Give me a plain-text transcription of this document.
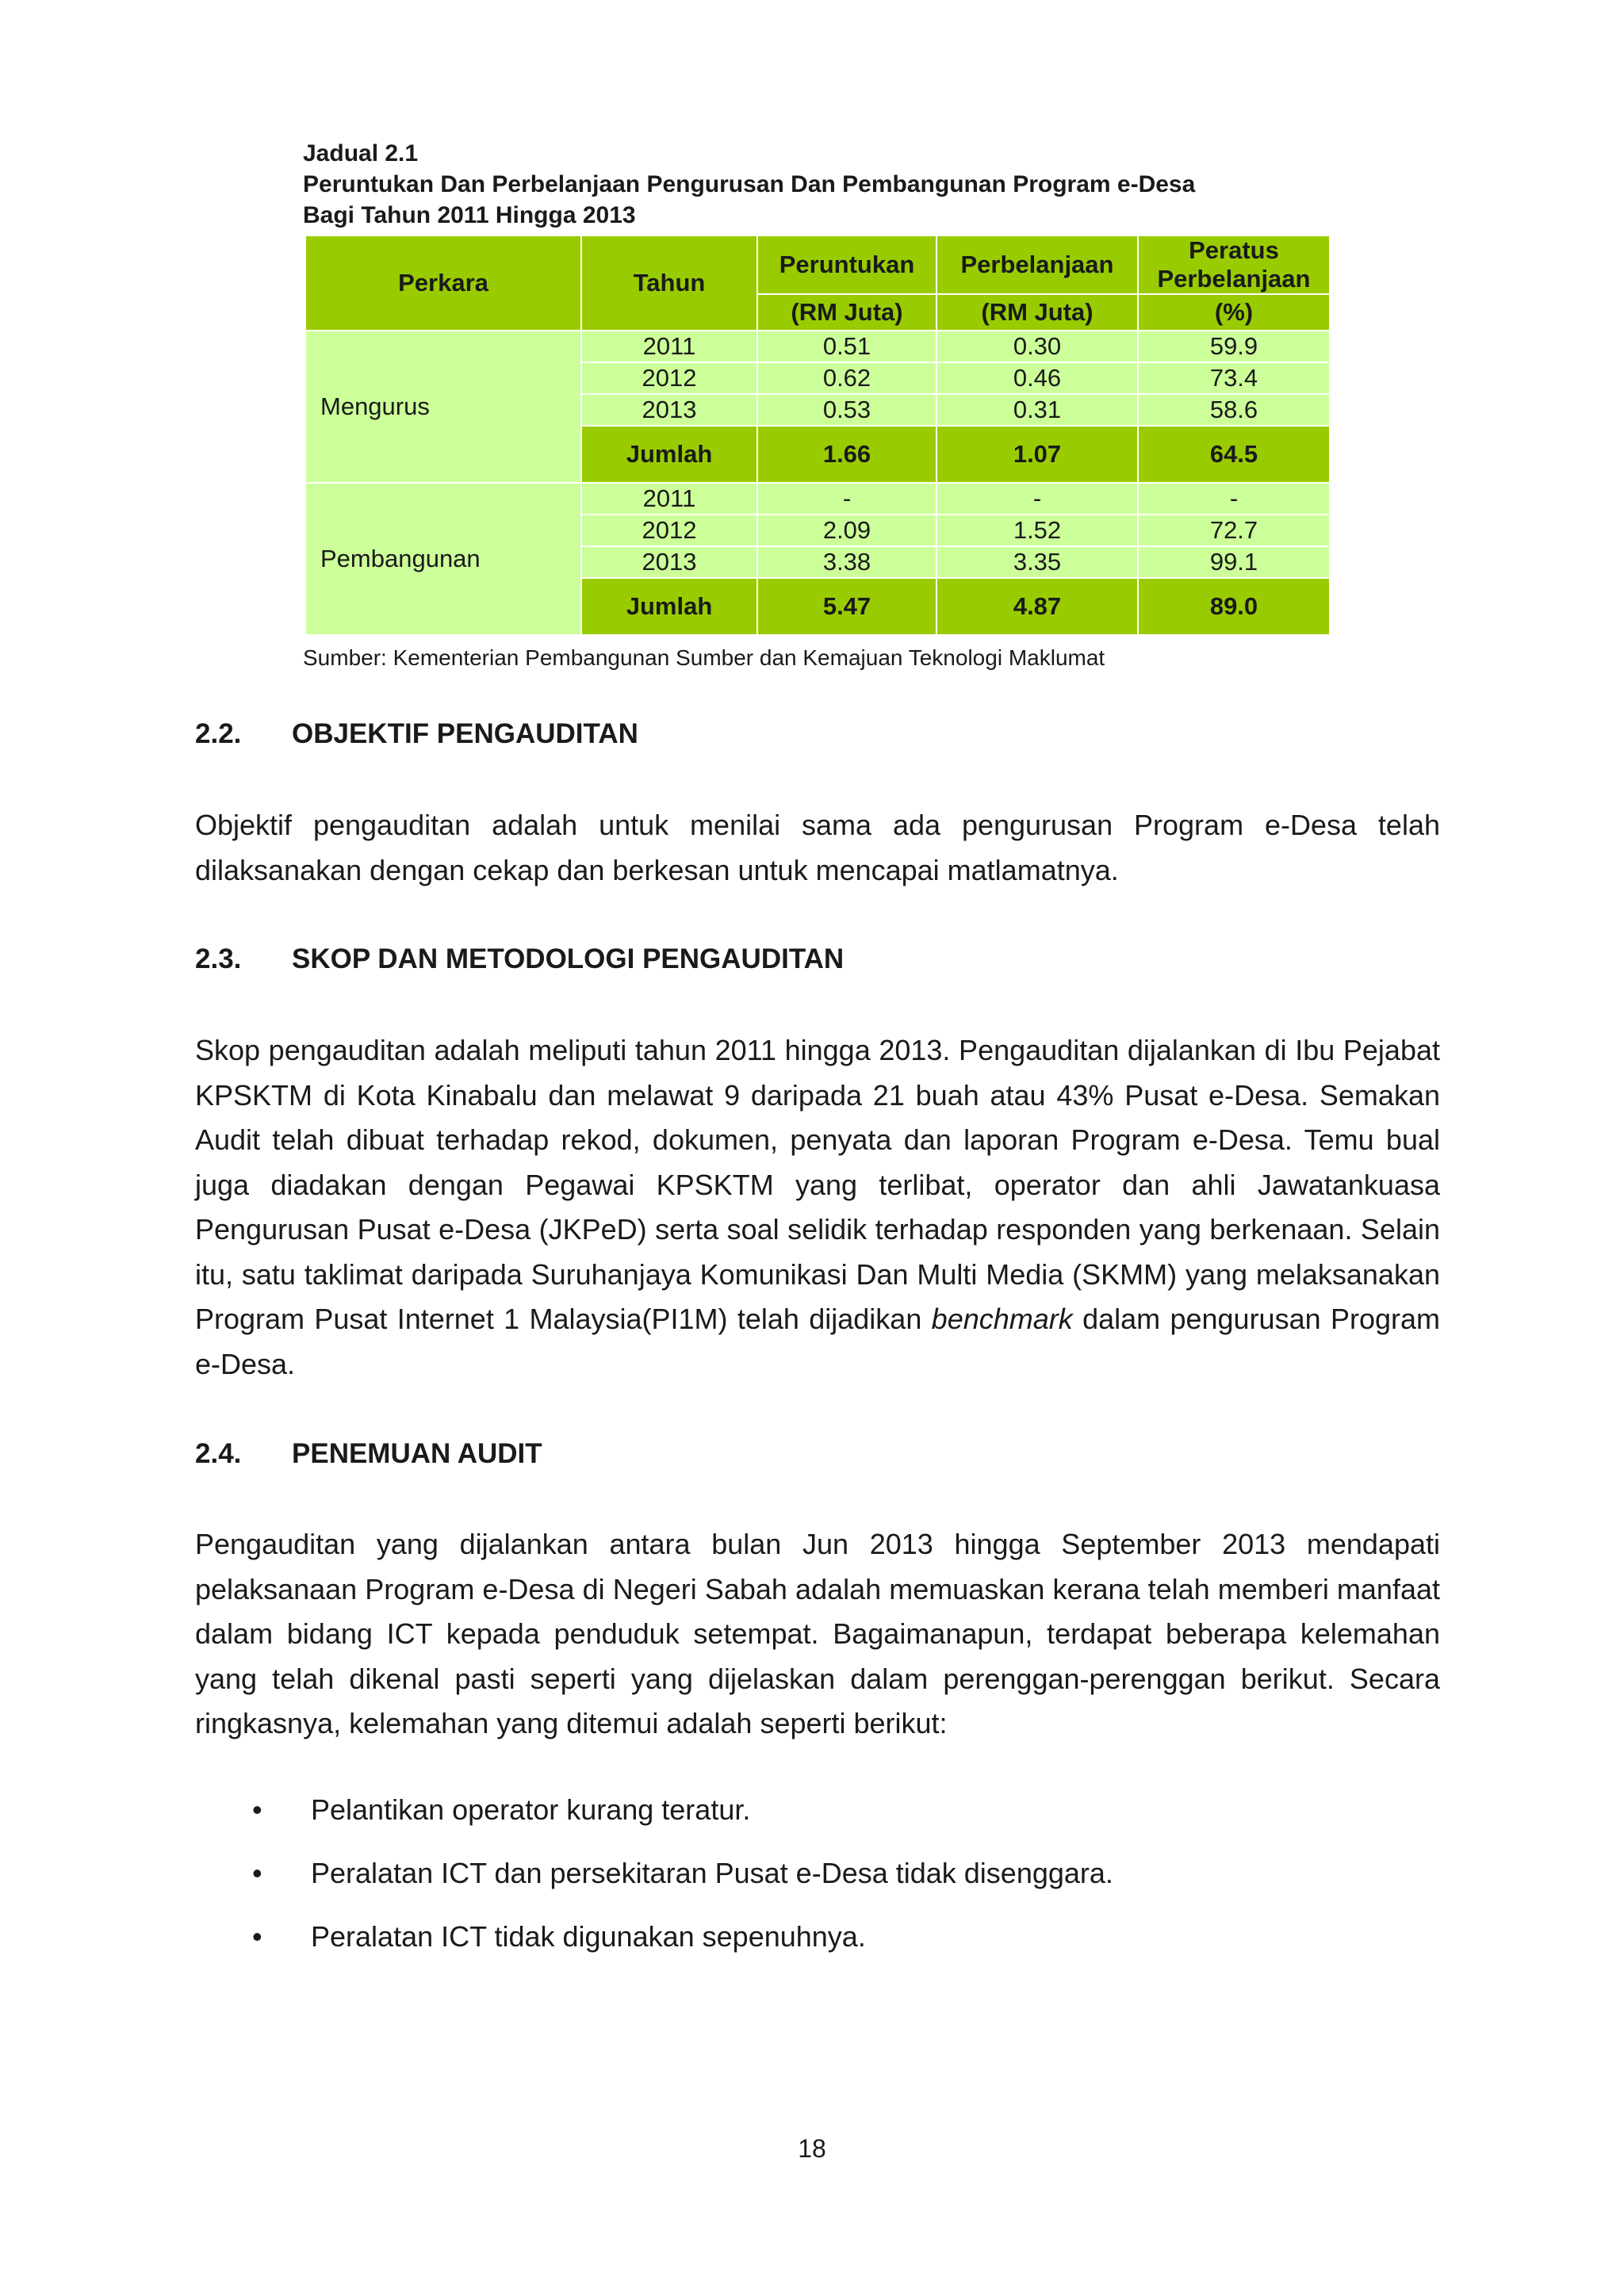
Jadual 2.1
Peruntukan Dan Perbelanjaan Pengurusan Dan Pembangunan Program e-Desa
Bagi Tahun 2011 Hingga 2013
Perkara	Tahun	Peruntukan	Perbelanjaan	Peratus Perbelanjaan
		(RM Juta)	(RM Juta)	(%)
Mengurus	2011	0.51	0.30	59.9
	2012	0.62	0.46	73.4
	2013	0.53	0.31	58.6
	Jumlah	1.66	1.07	64.5
Pembangunan	2011	-	-	-
	2012	2.09	1.52	72.7
	2013	3.38	3.35	99.1
	Jumlah	5.47	4.87	89.0
Sumber: Kementerian Pembangunan Sumber dan Kemajuan Teknologi Maklumat
2.2. OBJEKTIF PENGAUDITAN
Objektif pengauditan adalah untuk menilai sama ada pengurusan Program e-Desa telah dilaksanakan dengan cekap dan berkesan untuk mencapai matlamatnya.
2.3. SKOP DAN METODOLOGI PENGAUDITAN
Skop pengauditan adalah meliputi tahun 2011 hingga 2013. Pengauditan dijalankan di Ibu Pejabat KPSKTM di Kota Kinabalu dan melawat 9 daripada 21 buah atau 43% Pusat e-Desa. Semakan Audit telah dibuat terhadap rekod, dokumen, penyata dan laporan Program e-Desa. Temu bual juga diadakan dengan Pegawai KPSKTM yang terlibat, operator dan ahli Jawatankuasa Pengurusan Pusat e-Desa (JKPeD) serta soal selidik terhadap responden yang berkenaan. Selain itu, satu taklimat daripada Suruhanjaya Komunikasi Dan Multi Media (SKMM) yang melaksanakan Program Pusat Internet 1 Malaysia(PI1M) telah dijadikan benchmark dalam pengurusan Program e-Desa.
2.4. PENEMUAN AUDIT
Pengauditan yang dijalankan antara bulan Jun 2013 hingga September 2013 mendapati pelaksanaan Program e-Desa di Negeri Sabah adalah memuaskan kerana telah memberi manfaat dalam bidang ICT kepada penduduk setempat. Bagaimanapun, terdapat beberapa kelemahan yang telah dikenal pasti seperti yang dijelaskan dalam perenggan-perenggan berikut. Secara ringkasnya, kelemahan yang ditemui adalah seperti berikut:
•	Pelantikan operator kurang teratur.
•	Peralatan ICT dan persekitaran Pusat e-Desa tidak disenggara.
•	Peralatan ICT tidak digunakan sepenuhnya.
18
